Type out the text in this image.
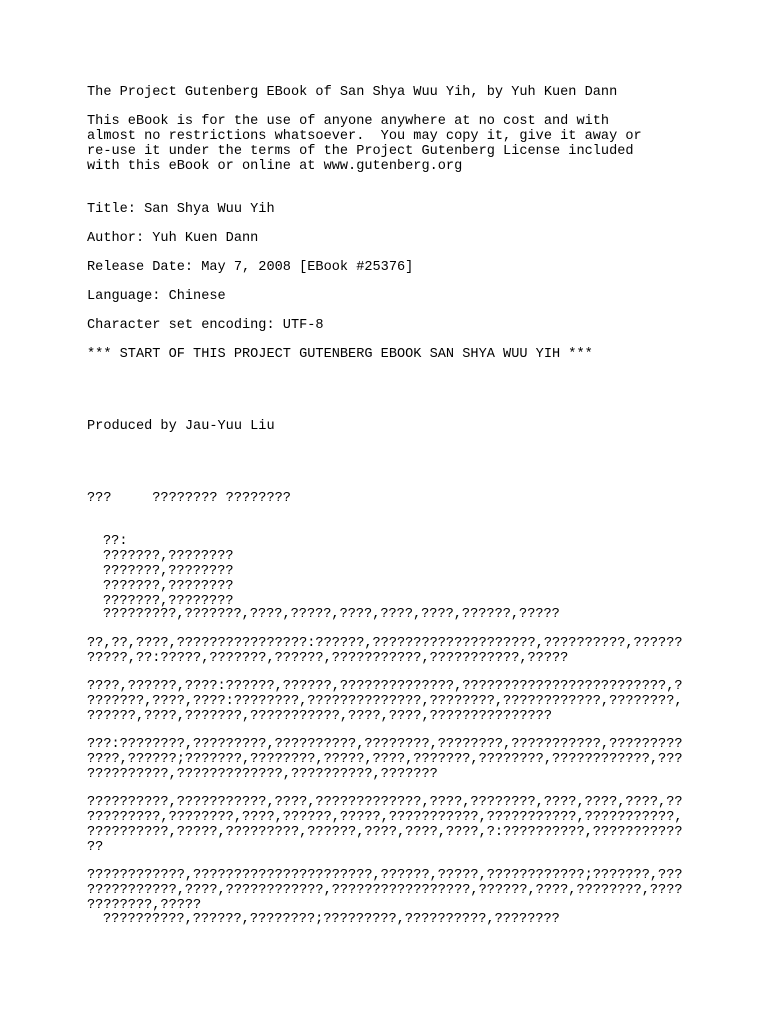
The Project Gutenberg EBook of San Shya Wuu Yih, by Yuh Kuen Dann

This eBook is for the use of anyone anywhere at no cost and with

almost no restrictions whatsoever.  You may copy it, give it away or

re-use it under the terms of the Project Gutenberg License included

with this eBook or online at www.gutenberg.org

Title: San Shya Wuu Yih

Author: Yuh Kuen Dann

Release Date: May 7, 2008 [EBook #25376]

Language: Chinese

Character set encoding: UTF-8

*** START OF THIS PROJECT GUTENBERG EBOOK SAN SHYA WUU YIH ***

Produced by Jau-Yuu Liu

???     ???????? ????????

??:

???????,????????

???????,????????

???????,????????

???????,????????

?????????,???????,????,?????,????,????,????,??????,?????

??,??,????,????????????????:??????,????????????????????,??????????,??????

?????,??:?????,???????,??????,???????????,???????????,?????

????,??????,????:??????,??????,??????????????,?????????????????????????,?

???????,????,????:????????,??????????????,????????,????????????,????????,

??????,????,???????,???????????,????,????,???????????????

???:????????,?????????,??????????,????????,????????,???????????,?????????

????,??????;???????,????????,?????,????,???????,????????,????????????,???

??????????,?????????????,??????????,???????

??????????,???????????,????,?????????????,????,????????,????,????,????,??

?????????,????????,????,??????,?????,???????????,???????????,???????????,

??????????,?????,?????????,??????,????,????,????,?:??????????,???????????

??

????????????,??????????????????????,??????,?????,????????????;???????,???

???????????,????,????????????,?????????????????,??????,????,????????,????

????????,?????

??????????,??????,????????;?????????,??????????,????????
